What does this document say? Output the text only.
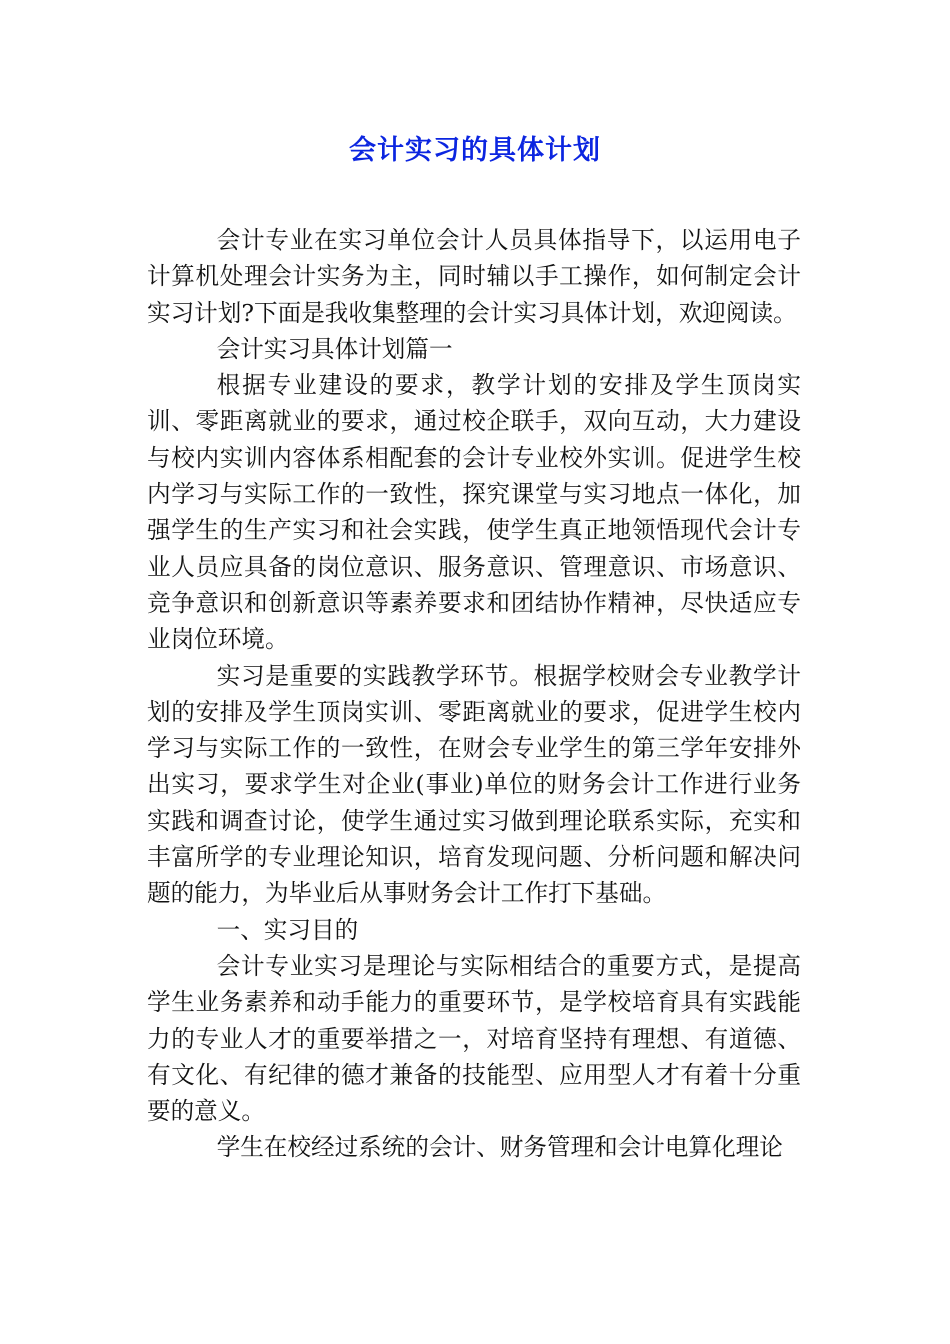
会计实习的具体计划

会计专业在实习单位会计人员具体指导下，以运用电子计算机处理会计实务为主，同时辅以手工操作，如何制定会计实习计划?下面是我收集整理的会计实习具体计划，欢迎阅读。

会计实习具体计划篇一

根据专业建设的要求，教学计划的安排及学生顶岗实训、零距离就业的要求，通过校企联手，双向互动，大力建设与校内实训内容体系相配套的会计专业校外实训。促进学生校内学习与实际工作的一致性，探究课堂与实习地点一体化，加强学生的生产实习和社会实践，使学生真正地领悟现代会计专业人员应具备的岗位意识、服务意识、管理意识、市场意识、竞争意识和创新意识等素养要求和团结协作精神，尽快适应专业岗位环境。

实习是重要的实践教学环节。根据学校财会专业教学计划的安排及学生顶岗实训、零距离就业的要求，促进学生校内学习与实际工作的一致性，在财会专业学生的第三学年安排外出实习，要求学生对企业(事业)单位的财务会计工作进行业务实践和调查讨论，使学生通过实习做到理论联系实际，充实和丰富所学的专业理论知识，培育发现问题、分析问题和解决问题的能力，为毕业后从事财务会计工作打下基础。

一、实习目的

会计专业实习是理论与实际相结合的重要方式，是提高学生业务素养和动手能力的重要环节，是学校培育具有实践能力的专业人才的重要举措之一，对培育坚持有理想、有道德、有文化、有纪律的德才兼备的技能型、应用型人才有着十分重要的意义。

学生在校经过系统的会计、财务管理和会计电算化理论
